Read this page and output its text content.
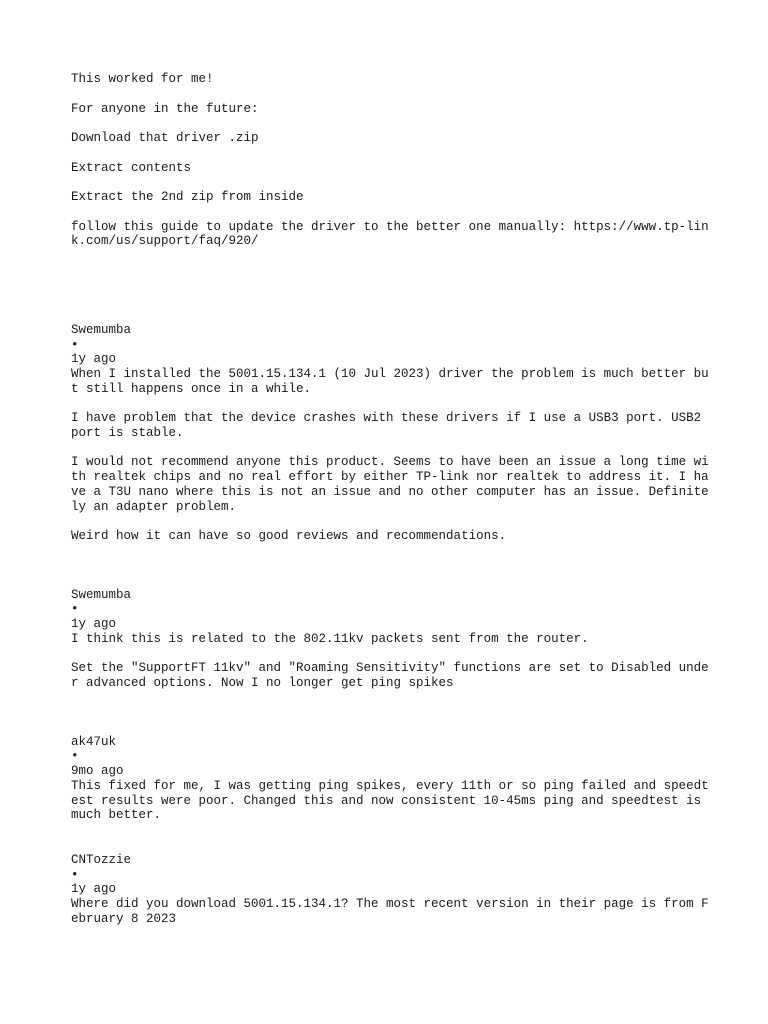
This worked for me!

For anyone in the future:

Download that driver .zip

Extract contents

Extract the 2nd zip from inside

follow this guide to update the driver to the better one manually: https://www.tp-link.com/us/support/faq/920/

Swemumba
•
1y ago

When I installed the 5001.15.134.1 (10 Jul 2023) driver the problem is much better but still happens once in a while.

I have problem that the device crashes with these drivers if I use a USB3 port. USB2 port is stable.

I would not recommend anyone this product. Seems to have been an issue a long time with realtek chips and no real effort by either TP-link nor realtek to address it. I have a T3U nano where this is not an issue and no other computer has an issue. Definitely an adapter problem.

Weird how it can have so good reviews and recommendations.

Swemumba
•
1y ago

I think this is related to the 802.11kv packets sent from the router.

Set the "SupportFT 11kv" and "Roaming Sensitivity" functions are set to Disabled under advanced options. Now I no longer get ping spikes

ak47uk
•
9mo ago

This fixed for me, I was getting ping spikes, every 11th or so ping failed and speedtest results were poor. Changed this and now consistent 10-45ms ping and speedtest is much better.

CNTozzie
•
1y ago

Where did you download 5001.15.134.1? The most recent version in their page is from February 8 2023
